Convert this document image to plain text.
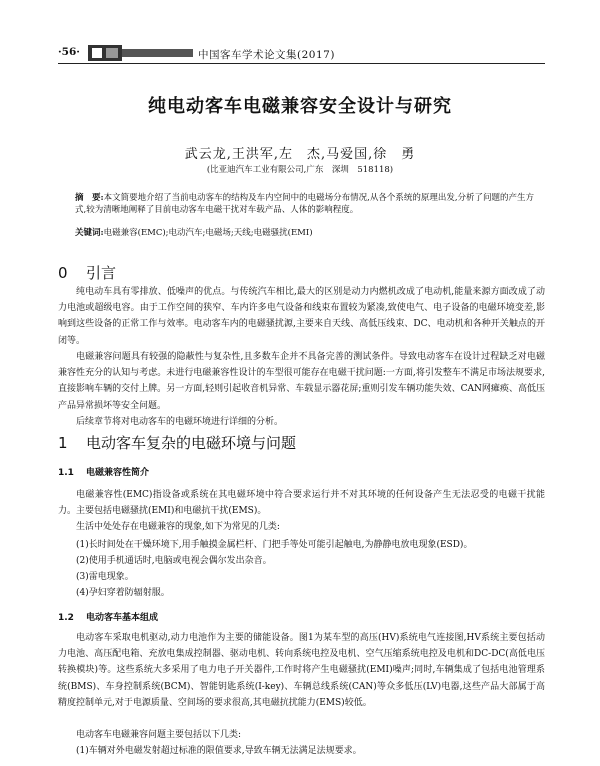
·56·	中国客车学术论文集(2017)
纯电动客车电磁兼容安全设计与研究
武云龙,王洪军,左　杰,马爱国,徐　勇
(比亚迪汽车工业有限公司,广东　深圳　518118)
摘　要:本文简要地介绍了当前电动客车的结构及车内空间中的电磁场分布情况,从各个系统的原理出发,分析了问题的产生方式,较为清晰地阐释了目前电动客车电磁干扰对车载产品、人体的影响程度。
关键词:电磁兼容(EMC);电动汽车;电磁场;天线;电磁骚扰(EMI)
0 引言
纯电动车具有零排放、低噪声的优点。与传统汽车相比,最大的区别是动力内燃机改成了电动机,能量来源方面改成了动力电池或超级电容。由于工作空间的狭窄、车内许多电气设备和线束布置较为紧凑,致使电气、电子设备的电磁环境变差,影响到这些设备的正常工作与效率。电动客车内的电磁骚扰源,主要来自天线、高低压线束、DC、电动机和各种开关触点的开闭等。
电磁兼容问题具有较强的隐蔽性与复杂性,且多数车企并不具备完善的测试条件。导致电动客车在设计过程缺乏对电磁兼容性充分的认知与考虑。未进行电磁兼容性设计的车型很可能存在电磁干扰问题:一方面,将引发整车不满足市场法规要求,直接影响车辆的交付上牌。另一方面,轻则引起收音机异常、车载显示器花屏;重则引发车辆功能失效、CAN网瘫痪、高低压产品异常损坏等安全问题。
后续章节将对电动客车的电磁环境进行详细的分析。
1 电动客车复杂的电磁环境与问题
1.1 电磁兼容性简介
电磁兼容性(EMC)指设备或系统在其电磁环境中符合要求运行并不对其环境的任何设备产生无法忍受的电磁干扰能力。主要包括电磁骚扰(EMI)和电磁抗干扰(EMS)。
生活中处处存在电磁兼容的现象,如下为常见的几类:
(1)长时间处在干燥环境下,用手触摸金属栏杆、门把手等处可能引起触电,为静静电放电现象(ESD)。
(2)使用手机通话时,电脑或电视会偶尔发出杂音。
(3)雷电现象。
(4)孕妇穿着防辐射服。
1.2 电动客车基本组成
电动客车采取电机驱动,动力电池作为主要的储能设备。图1为某车型的高压(HV)系统电气连接图,HV系统主要包括动力电池、高压配电箱、充放电集成控制器、驱动电机、转向系统电控及电机、空气压缩系统电控及电机和DC-DC(高低电压转换模块)等。这些系统大多采用了电力电子开关器件,工作时将产生电磁骚扰(EMI)噪声;同时,车辆集成了包括电池管理系统(BMS)、车身控制系统(BCM)、智能钥匙系统(I-key)、车辆总线系统(CAN)等众多低压(LV)电器,这些产品大部属于高精度控制单元,对于电源质量、空间场的要求很高,其电磁抗扰能力(EMS)较低。
电动客车电磁兼容问题主要包括以下几类:
(1)车辆对外电磁发射超过标准的限值要求,导致车辆无法满足法规要求。
